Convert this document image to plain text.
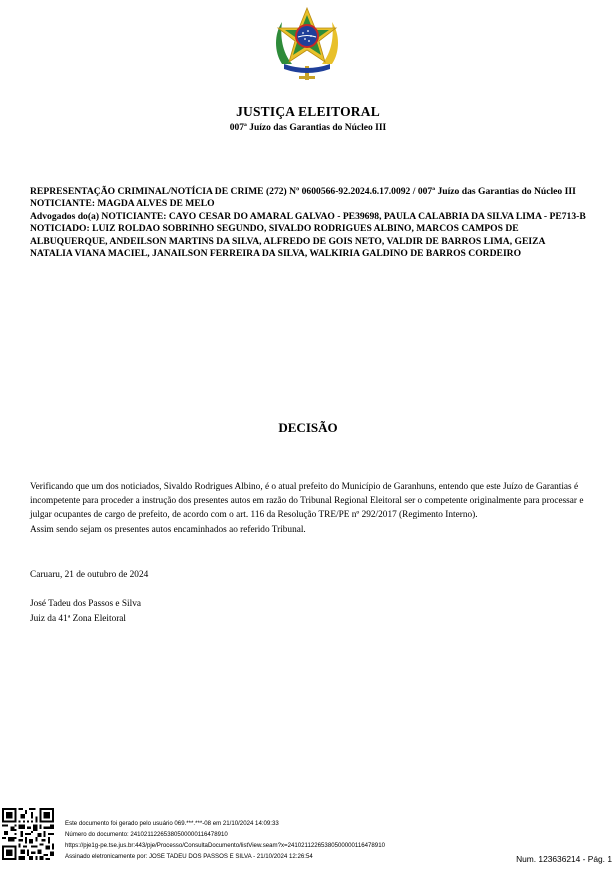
JUSTIÇA ELEITORAL
007ª Juízo das Garantias do Núcleo III

REPRESENTAÇÃO CRIMINAL/NOTÍCIA DE CRIME (272) Nº 0600566-92.2024.6.17.0092 / 007ª Juízo das Garantias do Núcleo III

NOTICIANTE: MAGDA ALVES DE MELO

Advogados do(a) NOTICIANTE: CAYO CESAR DO AMARAL GALVAO - PE39698, PAULA CALABRIA DA SILVA LIMA - PE713-B

NOTICIADO: LUIZ ROLDAO SOBRINHO SEGUNDO, SIVALDO RODRIGUES ALBINO, MARCOS CAMPOS DE ALBUQUERQUE, ANDEILSON MARTINS DA SILVA, ALFREDO DE GOIS NETO, VALDIR DE BARROS LIMA, GEIZA NATALIA VIANA MACIEL, JANAILSON FERREIRA DA SILVA, WALKIRIA GALDINO DE BARROS CORDEIRO

DECISÃO

Verificando que um dos noticiados, Sivaldo Rodrigues Albino, é o atual prefeito do Município de Garanhuns, entendo que este Juízo de Garantias é incompetente para proceder a instrução dos presentes autos em razão do Tribunal Regional Eleitoral ser o competente originalmente para processar e julgar ocupantes de cargo de prefeito, de acordo com o art. 116 da Resolução TRE/PE nº 292/2017 (Regimento Interno).

Assim sendo sejam os presentes autos encaminhados ao referido Tribunal.

Caruaru, 21 de outubro de 2024
José Tadeu dos Passos e Silva
Juiz da 41ª Zona Eleitoral
Este documento foi gerado pelo usuário 069.***.***-08 em 21/10/2024 14:09:33
Número do documento: 24102112265380500000116478910
https://pje1g-pe.tse.jus.br:443/pje/Processo/ConsultaDocumento/listView.seam?x=24102112265380500000116478910
Assinado eletronicamente por: JOSE TADEU DOS PASSOS E SILVA - 21/10/2024 12:26:54	Num. 123636214 - Pág. 1
